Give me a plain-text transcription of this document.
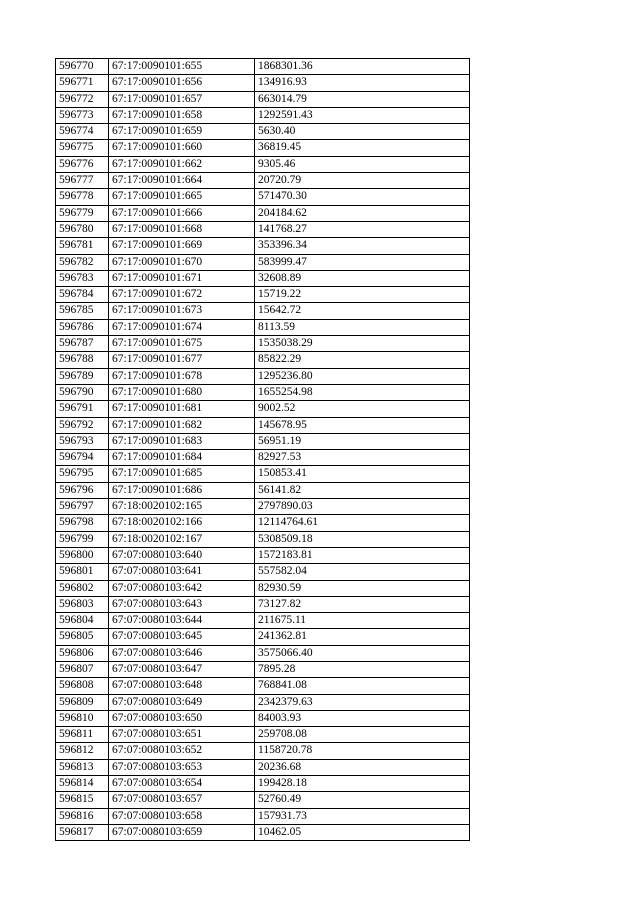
596770	67:17:0090101:655	1868301.36
596771	67:17:0090101:656	134916.93
596772	67:17:0090101:657	663014.79
596773	67:17:0090101:658	1292591.43
596774	67:17:0090101:659	5630.40
596775	67:17:0090101:660	36819.45
596776	67:17:0090101:662	9305.46
596777	67:17:0090101:664	20720.79
596778	67:17:0090101:665	571470.30
596779	67:17:0090101:666	204184.62
596780	67:17:0090101:668	141768.27
596781	67:17:0090101:669	353396.34
596782	67:17:0090101:670	583999.47
596783	67:17:0090101:671	32608.89
596784	67:17:0090101:672	15719.22
596785	67:17:0090101:673	15642.72
596786	67:17:0090101:674	8113.59
596787	67:17:0090101:675	1535038.29
596788	67:17:0090101:677	85822.29
596789	67:17:0090101:678	1295236.80
596790	67:17:0090101:680	1655254.98
596791	67:17:0090101:681	9002.52
596792	67:17:0090101:682	145678.95
596793	67:17:0090101:683	56951.19
596794	67:17:0090101:684	82927.53
596795	67:17:0090101:685	150853.41
596796	67:17:0090101:686	56141.82
596797	67:18:0020102:165	2797890.03
596798	67:18:0020102:166	12114764.61
596799	67:18:0020102:167	5308509.18
596800	67:07:0080103:640	1572183.81
596801	67:07:0080103:641	557582.04
596802	67:07:0080103:642	82930.59
596803	67:07:0080103:643	73127.82
596804	67:07:0080103:644	211675.11
596805	67:07:0080103:645	241362.81
596806	67:07:0080103:646	3575066.40
596807	67:07:0080103:647	7895.28
596808	67:07:0080103:648	768841.08
596809	67:07:0080103:649	2342379.63
596810	67:07:0080103:650	84003.93
596811	67:07:0080103:651	259708.08
596812	67:07:0080103:652	1158720.78
596813	67:07:0080103:653	20236.68
596814	67:07:0080103:654	199428.18
596815	67:07:0080103:657	52760.49
596816	67:07:0080103:658	157931.73
596817	67:07:0080103:659	10462.05
